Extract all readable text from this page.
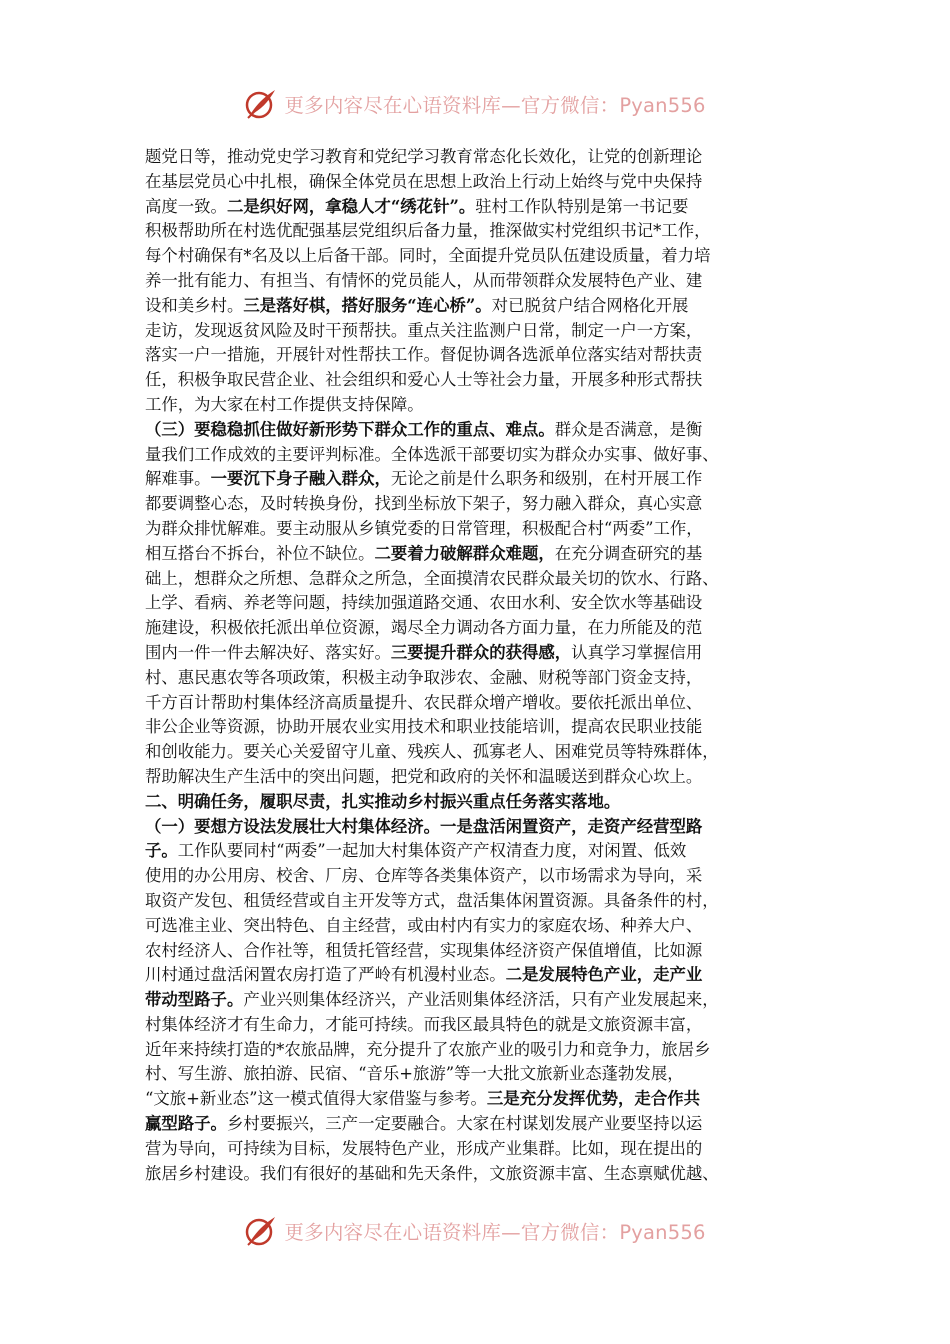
更多内容尽在心语资料库—官方微信：Pyan556
题党日等，推动党史学习教育和党纪学习教育常态化长效化，让党的创新理论
在基层党员心中扎根，确保全体党员在思想上政治上行动上始终与党中央保持
高度一致。二是织好网，拿稳人才“绣花针”。驻村工作队特别是第一书记要
积极帮助所在村选优配强基层党组织后备力量，推深做实村党组织书记*工作，
每个村确保有*名及以上后备干部。同时，全面提升党员队伍建设质量，着力培
养一批有能力、有担当、有情怀的党员能人，从而带领群众发展特色产业、建
设和美乡村。三是落好棋，搭好服务“连心桥”。对已脱贫户结合网格化开展
走访，发现返贫风险及时干预帮扶。重点关注监测户日常，制定一户一方案，
落实一户一措施，开展针对性帮扶工作。督促协调各选派单位落实结对帮扶责
任，积极争取民营企业、社会组织和爱心人士等社会力量，开展多种形式帮扶
工作，为大家在村工作提供支持保障。
（三）要稳稳抓住做好新形势下群众工作的重点、难点。群众是否满意，是衡
量我们工作成效的主要评判标准。全体选派干部要切实为群众办实事、做好事、
解难事。一要沉下身子融入群众，无论之前是什么职务和级别，在村开展工作
都要调整心态，及时转换身份，找到坐标放下架子，努力融入群众，真心实意
为群众排忧解难。要主动服从乡镇党委的日常管理，积极配合村“两委”工作，
相互搭台不拆台，补位不缺位。二要着力破解群众难题，在充分调查研究的基
础上，想群众之所想、急群众之所急，全面摸清农民群众最关切的饮水、行路、
上学、看病、养老等问题，持续加强道路交通、农田水利、安全饮水等基础设
施建设，积极依托派出单位资源，竭尽全力调动各方面力量，在力所能及的范
围内一件一件去解决好、落实好。三要提升群众的获得感，认真学习掌握信用
村、惠民惠农等各项政策，积极主动争取涉农、金融、财税等部门资金支持，
千方百计帮助村集体经济高质量提升、农民群众增产增收。要依托派出单位、
非公企业等资源，协助开展农业实用技术和职业技能培训，提高农民职业技能
和创收能力。要关心关爱留守儿童、残疾人、孤寡老人、困难党员等特殊群体，
帮助解决生产生活中的突出问题，把党和政府的关怀和温暖送到群众心坎上。
二、明确任务，履职尽责，扎实推动乡村振兴重点任务落实落地。
（一）要想方设法发展壮大村集体经济。一是盘活闲置资产，走资产经营型路
子。工作队要同村“两委”一起加大村集体资产产权清查力度，对闲置、低效
使用的办公用房、校舍、厂房、仓库等各类集体资产，以市场需求为导向，采
取资产发包、租赁经营或自主开发等方式，盘活集体闲置资源。具备条件的村，
可选准主业、突出特色、自主经营，或由村内有实力的家庭农场、种养大户、
农村经济人、合作社等，租赁托管经营，实现集体经济资产保值增值，比如源
川村通过盘活闲置农房打造了严岭有机漫村业态。二是发展特色产业，走产业
带动型路子。产业兴则集体经济兴，产业活则集体经济活，只有产业发展起来，
村集体经济才有生命力，才能可持续。而我区最具特色的就是文旅资源丰富，
近年来持续打造的*农旅品牌，充分提升了农旅产业的吸引力和竞争力，旅居乡
村、写生游、旅拍游、民宿、“音乐+旅游”等一大批文旅新业态蓬勃发展，
“文旅+新业态”这一模式值得大家借鉴与参考。三是充分发挥优势，走合作共
赢型路子。乡村要振兴，三产一定要融合。大家在村谋划发展产业要坚持以运
营为导向，可持续为目标，发展特色产业，形成产业集群。比如，现在提出的
旅居乡村建设。我们有很好的基础和先天条件，文旅资源丰富、生态禀赋优越、
更多内容尽在心语资料库—官方微信：Pyan556
